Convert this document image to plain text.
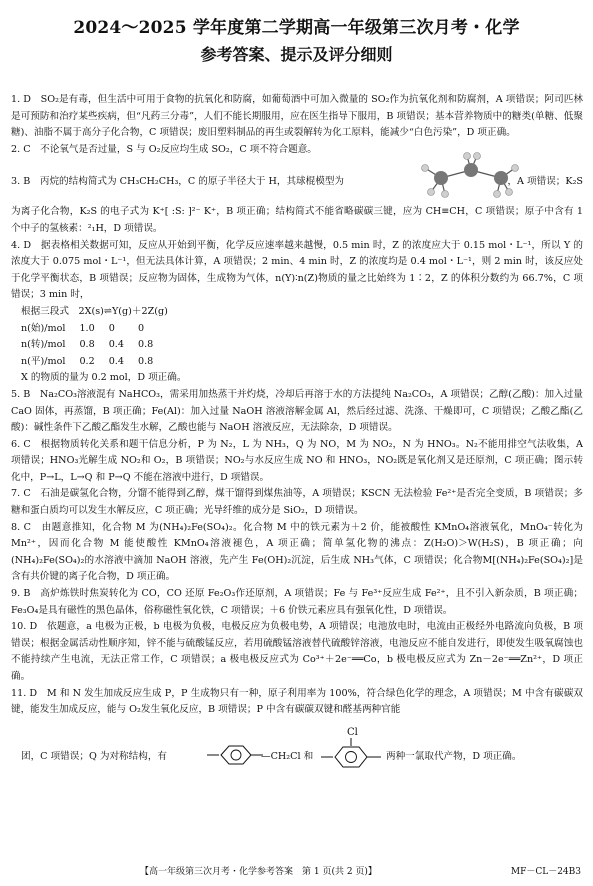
2024～2025 学年度第二学期高一年级第三次月考・化学
参考答案、提示及评分细则

1. D　SO₂是有毒，但生活中可用于食物的抗氧化和防腐，如葡萄酒中可加入微量的 SO₂作为抗氧化剂和防腐剂，A 项错误；阿司匹林是可预防和治疗某些疾病，但“凡药三分毒”，人们不能长期服用，应在医生指导下服用，B 项错误；基本营养物质中的糖类(单糖、低聚糖)、油脂不属于高分子化合物，C 项错误；废旧塑料制品的再生或裂解转为化工原料，能减少“白色污染”，D 项正确。

2. C　不论氧气是否过量，S 与 O₂反应均生成 SO₂，C 项不符合题意。

3. B　丙烷的结构简式为 CH₃CH₂CH₃，C 的原子半径大于 H，其球棍模型为	，A 项错误；K₂S

为离子化合物，K₂S 的电子式为 K⁺[ :S: ]²⁻ K⁺，B 项正确；结构简式不能省略碳碳三键，应为 CH≡CH，C 项错误；原子中含有 1 个中子的氢核素：²₁H，D 项错误。

4. D　据表格相关数据可知，反应从开始到平衡，化学反应速率越来越慢，0.5 min 时，Z 的浓度应大于 0.15 mol・L⁻¹，所以 Y 的浓度大于 0.075 mol・L⁻¹，但无法具体计算，A 项错误；2 min、4 min 时，Z 的浓度均是 0.4 mol・L⁻¹，则 2 min 时，该反应处于化学平衡状态，B 项错误；反应物为固体，生成物为气体，n(Y)∶n(Z)物质的量之比始终为 1∶2，Z 的体积分数约为 66.7%，C 项错误；3 min 时，

根据三段式　2X(s)⇌Y(g)＋2Z(g)
n(始)/mol	1.0	0	0
n(转)/mol	0.8	0.4	0.8
n(平)/mol	0.2	0.4	0.8
X 的物质的量为 0.2 mol，D 项正确。

5. B　Na₂CO₃溶液混有 NaHCO₃，需采用加热蒸干并灼烧，冷却后再溶于水的方法提纯 Na₂CO₃，A 项错误；乙醇(乙酸)：加入过量 CaO 固体，再蒸馏，B 项正确；Fe(Al)：加入过量 NaOH 溶液溶解金属 Al，然后经过滤、洗涤、干燥即可，C 项错误；乙酸乙酯(乙酸)：碱性条件下乙酸乙酯发生水解，乙酸也能与 NaOH 溶液反应，无法除杂，D 项错误。

6. C　根据物质转化关系和题干信息分析，P 为 N₂，L 为 NH₃，Q 为 NO，M 为 NO₂，N 为 HNO₃。N₂不能用排空气法收集，A 项错误；HNO₃光解生成 NO₂和 O₂，B 项错误；NO₂与水反应生成 NO 和 HNO₃，NO₂既是氧化剂又是还原剂，C 项正确；图示转化中，P→L，L→Q 和 P→Q 不能在溶液中进行，D 项错误。

7. C　石油是碳氢化合物，分馏不能得到乙醇，煤干馏得到煤焦油等，A 项错误；KSCN 无法检验 Fe²⁺是否完全变质，B 项错误；多糖和蛋白质均可以发生水解反应，C 项正确；光导纤维的成分是 SiO₂，D 项错误。

8. C　由题意推知，化合物 M 为(NH₄)₂Fe(SO₄)₂。化合物 M 中的铁元素为＋2 价，能被酸性 KMnO₄溶液氧化，MnO₄⁻转化为 Mn²⁺，因而化合物 M 能使酸性 KMnO₄溶液褪色，A 项正确；简单氢化物的沸点：Z(H₂O)＞W(H₂S)，B 项正确；向(NH₄)₂Fe(SO₄)₂的水溶液中滴加 NaOH 溶液，先产生 Fe(OH)₂沉淀，后生成 NH₃气体，C 项错误；化合物M[(NH₄)₂Fe(SO₄)₂]是含有共价键的离子化合物，D 项正确。

9. B　高炉炼铁时焦炭转化为 CO，CO 还原 Fe₂O₃作还原剂，A 项错误；Fe 与 Fe³⁺反应生成 Fe²⁺，且不引入新杂质，B 项正确；Fe₃O₄是具有磁性的黑色晶体，俗称磁性氧化铁，C 项错误；＋6 价铁元素应具有强氧化性，D 项错误。

10. D　依题意，a 电极为正极，b 电极为负极，电极反应为负极电势，A 项错误；电池放电时，电流由正极经外电路流向负极，B 项错误；根据金属活动性顺序知，锌不能与硫酸锰反应，若用硫酸锰溶液替代硫酸锌溶液，电池反应不能自发进行，即使发生吸氧腐蚀也不能持续产生电流，无法正常工作，C 项错误；a 极电极反应式为 Co³⁺＋2e⁻══Co，b 极电极反应式为 Zn－2e⁻══Zn²⁺，D 项正确。

11. D　M 和 N 发生加成反应生成 P，P 生成物只有一种，原子利用率为 100%，符合绿色化学的理念，A 项错误；M 中含有碳碳双键，能发生加成反应，能与 O₂发生氧化反应，B 项错误；P 中含有碳碳双键和醛基两种官能

团，C 项错误；Q 为对称结构，有	—CH₂Cl 和
Cl
两种一氯取代产物，D 项正确。
【高一年级第三次月考・化学参考答案　第 1 页(共 2 页)】	MF－CL－24B3
